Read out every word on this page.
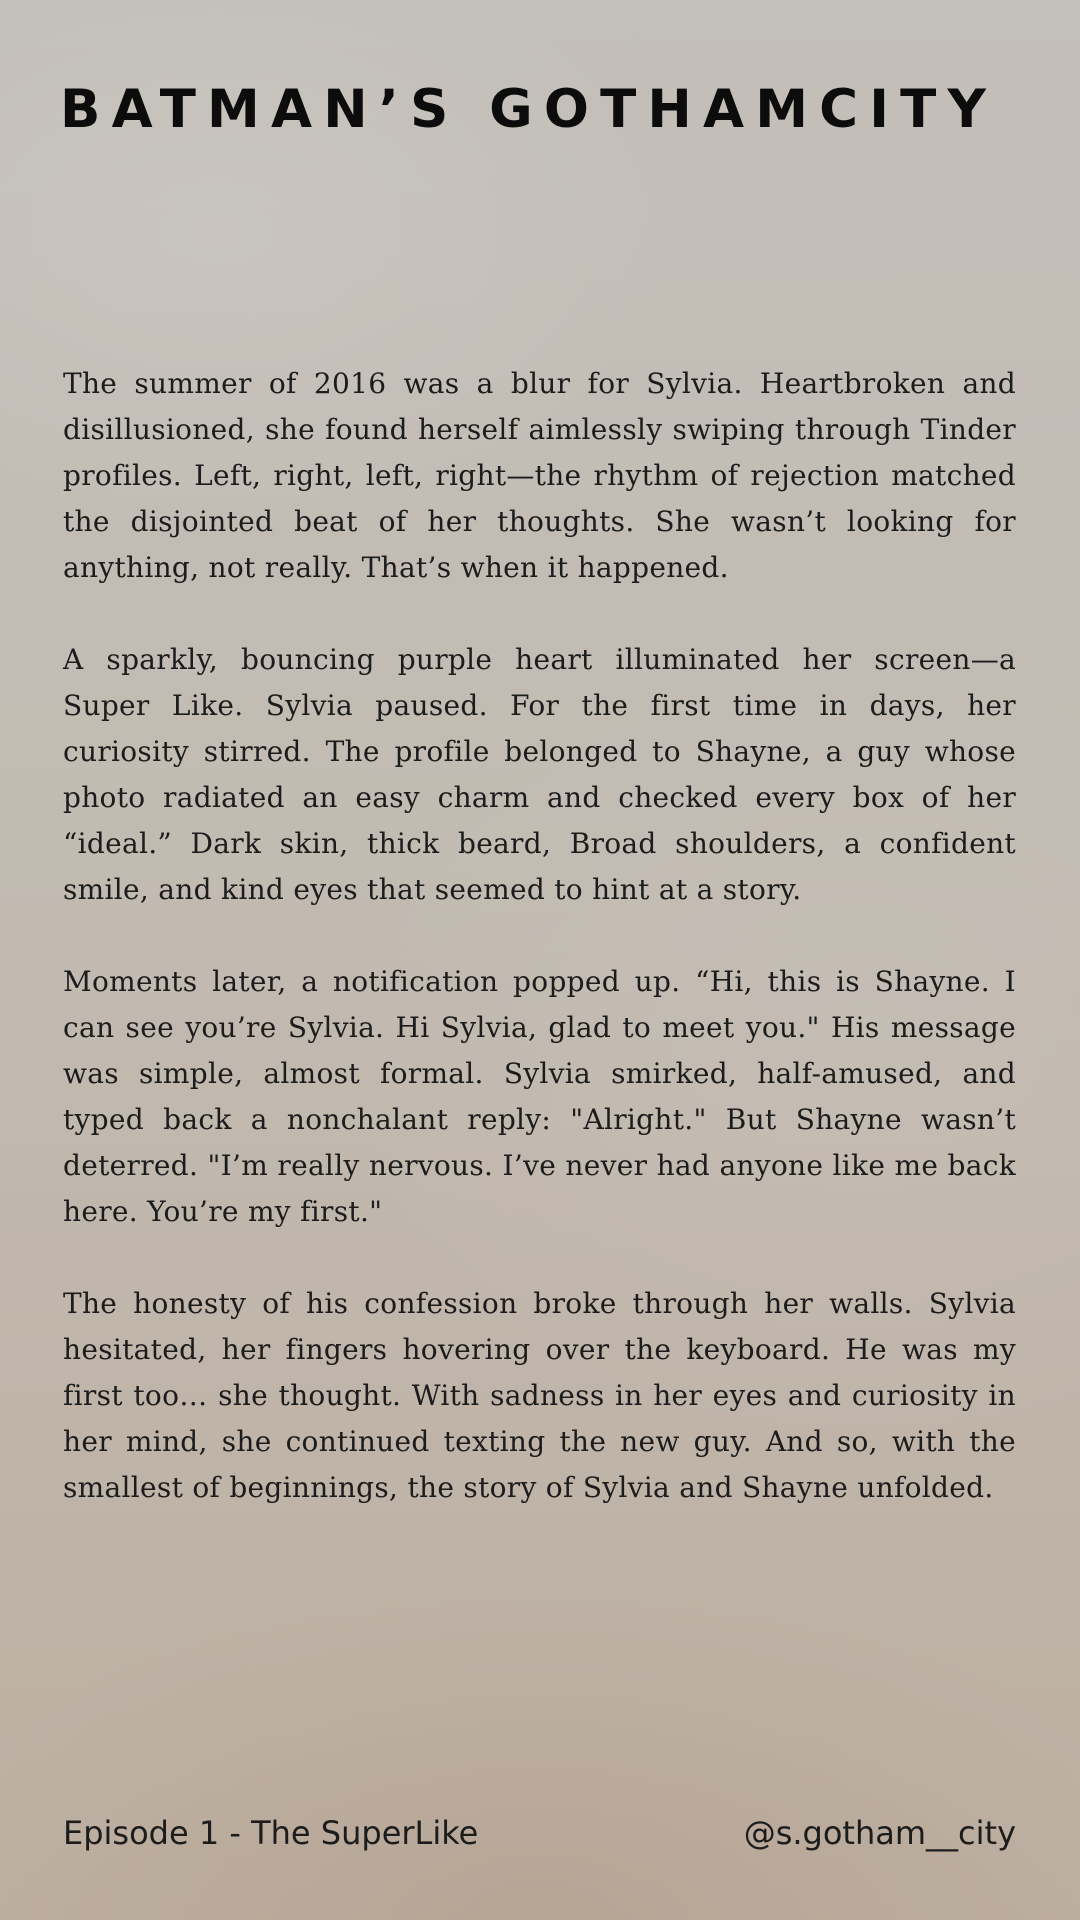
BATMAN’S GOTHAMCITY

The summer of 2016 was a blur for Sylvia. Heartbroken and disillusioned, she found herself aimlessly swiping through Tinder profiles. Left, right, left, right—the rhythm of rejection matched the disjointed beat of her thoughts. She wasn’t looking for anything, not really. That’s when it happened.

A sparkly, bouncing purple heart illuminated her screen—a Super Like. Sylvia paused. For the first time in days, her curiosity stirred. The profile belonged to Shayne, a guy whose photo radiated an easy charm and checked every box of her “ideal.” Dark skin, thick beard, Broad shoulders, a confident smile, and kind eyes that seemed to hint at a story.

Moments later, a notification popped up. “Hi, this is Shayne. I can see you’re Sylvia. Hi Sylvia, glad to meet you." His message was simple, almost formal. Sylvia smirked, half-amused, and typed back a nonchalant reply: "Alright." But Shayne wasn’t deterred. "I’m really nervous. I’ve never had anyone like me back here. You’re my first."

The honesty of his confession broke through her walls. Sylvia hesitated, her fingers hovering over the keyboard. He was my first too… she thought. With sadness in her eyes and curiosity in her mind, she continued texting the new guy. And so, with the smallest of beginnings, the story of Sylvia and Shayne unfolded.

Episode 1 - The SuperLike	@s.gotham__city
